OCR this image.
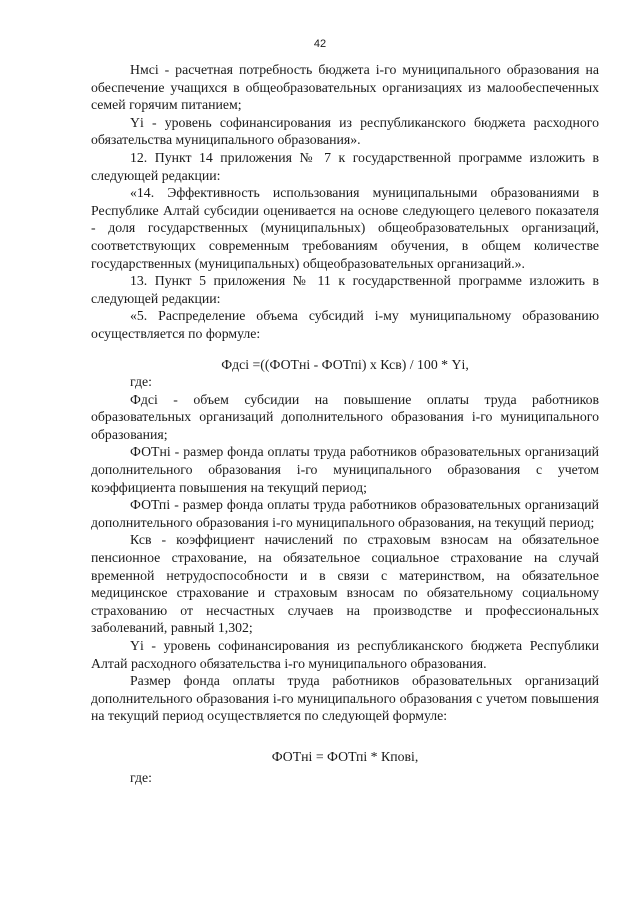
42

Нмсі - расчетная потребность бюджета і-го муниципального образования на обеспечение учащихся в общеобразовательных организациях из малообеспеченных семей горячим питанием;

Yі - уровень софинансирования из республиканского бюджета расходного обязательства муниципального образования».

12. Пункт 14 приложения № 7 к государственной программе изложить в следующей редакции:

«14. Эффективность использования муниципальными образованиями в Республике Алтай субсидии оценивается на основе следующего целевого показателя - доля государственных (муниципальных) общеобразовательных организаций, соответствующих современным требованиям обучения, в общем количестве государственных (муниципальных) общеобразовательных организаций.».

13. Пункт 5 приложения № 11 к государственной программе изложить в следующей редакции:

«5. Распределение объема субсидий і-му муниципальному образованию осуществляется по формуле:

Фдсі =((ФОТні - ФОТпі) х Ксв) / 100 * Yі,

где:

Фдсі - объем субсидии на повышение оплаты труда работников образовательных организаций дополнительного образования і-го муниципального образования;

ФОТні - размер фонда оплаты труда работников образовательных организаций дополнительного образования і-го муниципального образования с учетом коэффициента повышения на текущий период;

ФОТпі - размер фонда оплаты труда работников образовательных организаций дополнительного образования і-го муниципального образования, на текущий период;

Ксв - коэффициент начислений по страховым взносам на обязательное пенсионное страхование, на обязательное социальное страхование на случай временной нетрудоспособности и в связи с материнством, на обязательное медицинское страхование и страховым взносам по обязательному социальному страхованию от несчастных случаев на производстве и профессиональных заболеваний, равный 1,302;

Yі - уровень софинансирования из республиканского бюджета Республики Алтай расходного обязательства і-го муниципального образования.

Размер фонда оплаты труда работников образовательных организаций дополнительного образования і-го муниципального образования с учетом повышения на текущий период осуществляется по следующей формуле:

ФОТні = ФОТпі * Кпові,

где:
